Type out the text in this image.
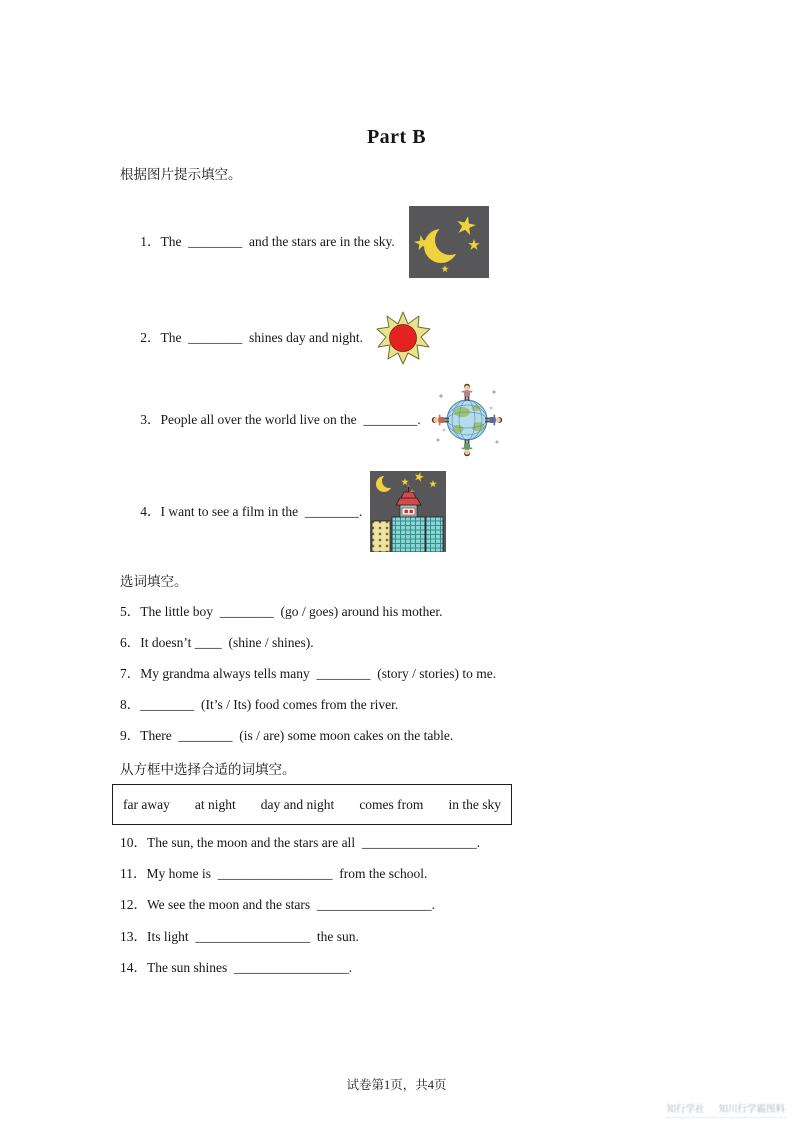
Part B
根据图片提示填空。

1．The  ________  and the stars are in the sky.

2．The  ________  shines day and night.

3．People all over the world live on the  ________.

4．I want to see a film in the  ________.

选词填空。
5．The little boy  ________  (go / goes) around his mother.
6．It doesn’t ____  (shine / shines).
7．My grandma always tells many  ________  (story / stories) to me.
8．________  (It’s / Its) food comes from the river.
9．There  ________  (is / are) some moon cakes on the table.
从方框中选择合适的词填空。
far away at night day and night comes from in the sky
10．The sun, the moon and the stars are all  _________________.
11．My home is  _________________  from the school.
12．We see the moon and the stars  _________________.
13．Its light  _________________  the sun.
14．The sun shines  _________________.
试卷第1页，共4页
知行学社 知川行学霸图料
